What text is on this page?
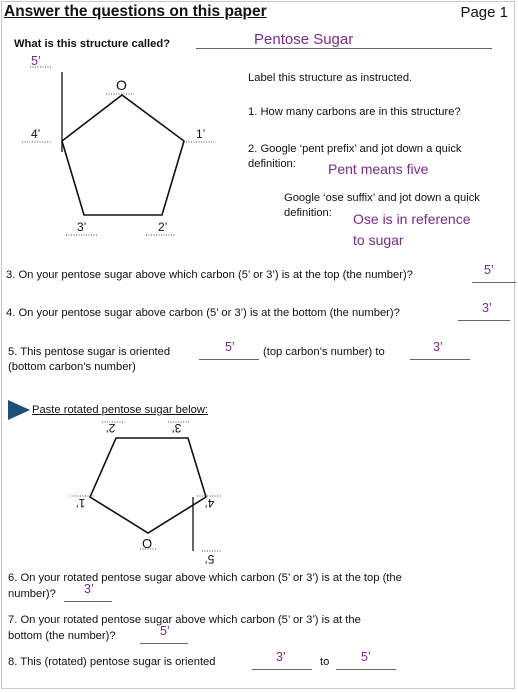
Answer the questions on this paper	Page 1
What is this structure called?	Pentose Sugar
5’
O
4’	1’
3’	2’
Label this structure as instructed.
1. How many carbons are in this structure?
2. Google ‘pent prefix’ and jot down a quick
definition: Pent means five
Google ‘ose suffix’ and jot down a quick
definition: Ose is in reference
to sugar
3. On your pentose sugar above which carbon (5’ or 3’) is at the top (the number)?	5’
4. On your pentose sugar above carbon (5’ or 3’) is at the bottom (the number)?	3’
5. This pentose sugar is oriented	5’	(top carbon’s number) to	3’
(bottom carbon’s number)
Paste rotated pentose sugar below:
2’	3’
1’	4’
O
5’
6. On your rotated pentose sugar above which carbon (5’ or 3’) is at the top (the
number)? 3’
7. On your rotated pentose sugar above which carbon (5’ or 3’) is at the
bottom (the number)?	5’
8. This (rotated) pentose sugar is oriented	3’	to	5’
